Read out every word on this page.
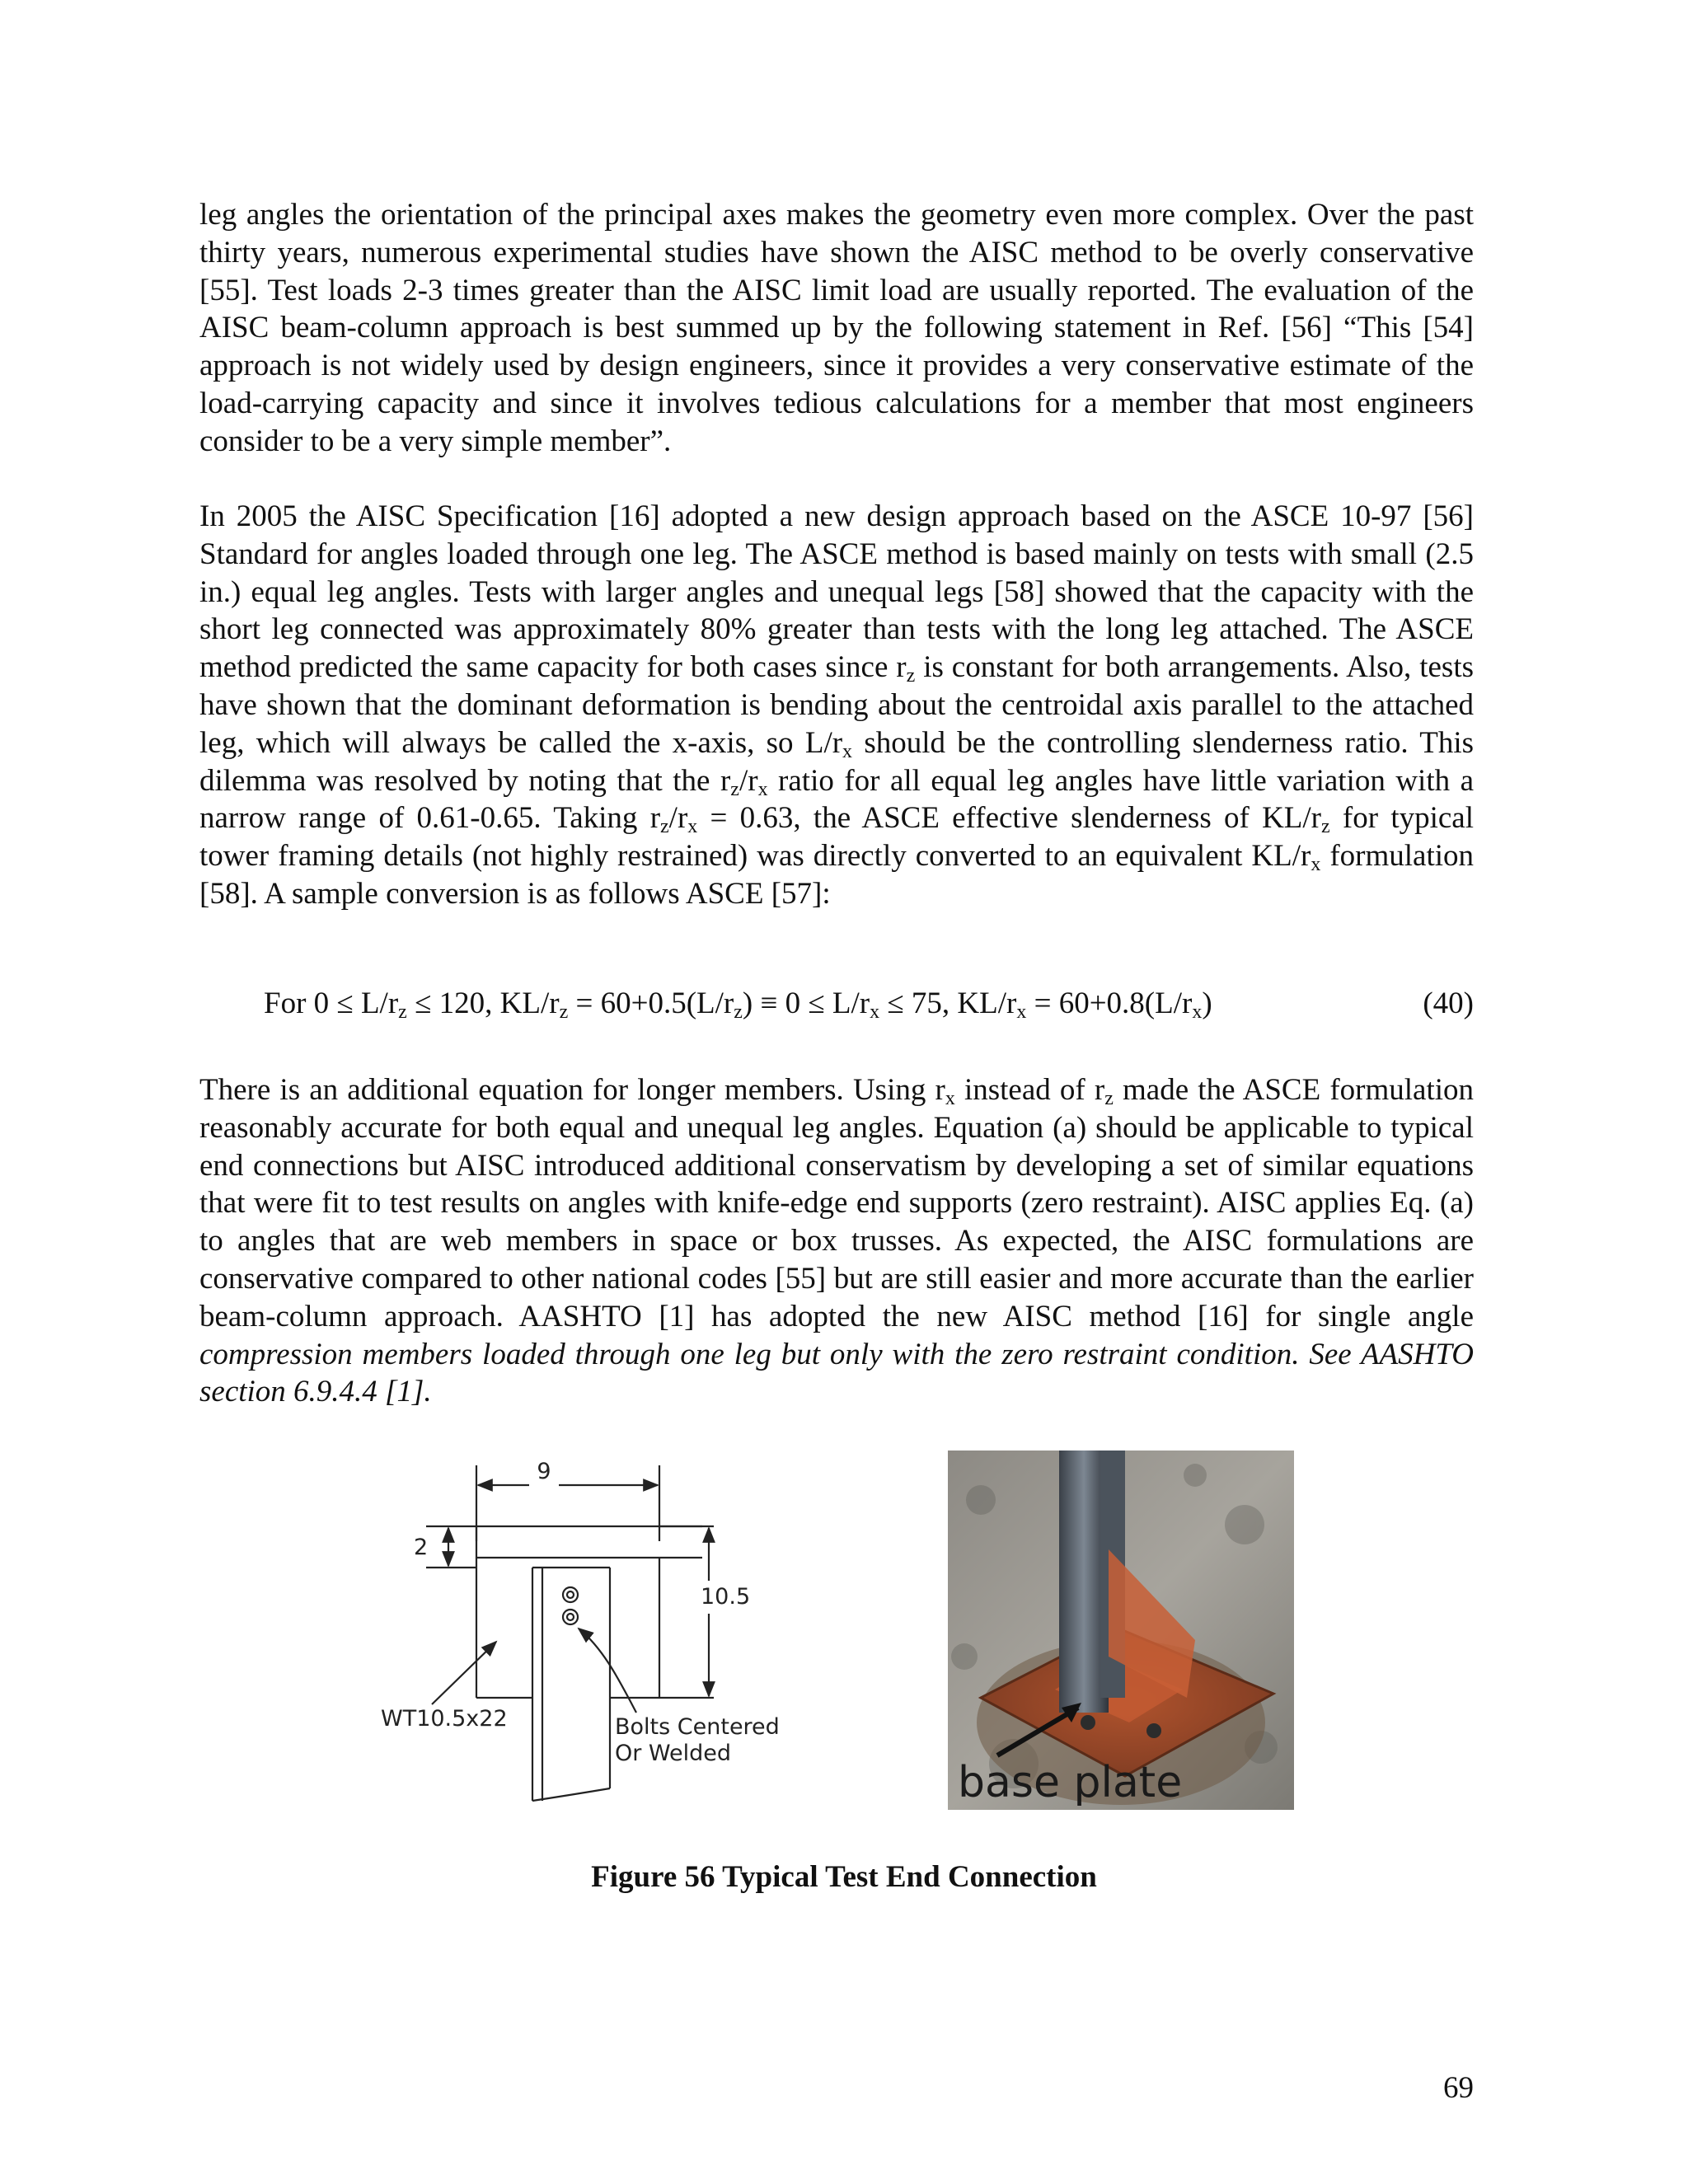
leg angles the orientation of the principal axes makes the geometry even more complex. Over the past thirty years, numerous experimental studies have shown the AISC method to be overly conservative [55]. Test loads 2-3 times greater than the AISC limit load are usually reported. The evaluation of the AISC beam-column approach is best summed up by the following statement in Ref. [56] “This [54] approach is not widely used by design engineers, since it provides a very conservative estimate of the load-carrying capacity and since it involves tedious calculations for a member that most engineers consider to be a very simple member”.

In 2005 the AISC Specification [16] adopted a new design approach based on the ASCE 10-97 [56] Standard for angles loaded through one leg. The ASCE method is based mainly on tests with small (2.5 in.) equal leg angles. Tests with larger angles and unequal legs [58] showed that the capacity with the short leg connected was approximately 80% greater than tests with the long leg attached. The ASCE method predicted the same capacity for both cases since $r_z$ is constant for both arrangements. Also, tests have shown that the dominant deformation is bending about the centroidal axis parallel to the attached leg, which will always be called the x-axis, so $L/r_x$ should be the controlling slenderness ratio. This dilemma was resolved by noting that the $r_z/r_x$ ratio for all equal leg angles have little variation with a narrow range of 0.61-0.65. Taking $r_z/r_x = 0.63$, the ASCE effective slenderness of $KL/r_z$ for typical tower framing details (not highly restrained) was directly converted to an equivalent $KL/r_x$ formulation [58]. A sample conversion is as follows ASCE [57]:

For $0 \le L/r_z \le 120$, $KL/r_z = 60+0.5(L/r_z) \equiv 0 \le L/r_x \le 75$, $KL/r_x = 60+0.8(L/r_x)$	(40)

There is an additional equation for longer members. Using $r_x$ instead of $r_z$ made the ASCE formulation reasonably accurate for both equal and unequal leg angles. Equation (a) should be applicable to typical end connections but AISC introduced additional conservatism by developing a set of similar equations that were fit to test results on angles with knife-edge end supports (zero restraint). AISC applies Eq. (a) to angles that are web members in space or box trusses. As expected, the AISC formulations are conservative compared to other national codes [55] but are still easier and more accurate than the earlier beam-column approach. AASHTO [1] has adopted the new AISC method [16] for single angle compression members loaded through one leg but only with the zero restraint condition. See AASHTO section 6.9.4.4 [1].

9
2
10.5
WT10.5x22	Bolts Centered
Or Welded
base plate
Figure 56 Typical Test End Connection
69
